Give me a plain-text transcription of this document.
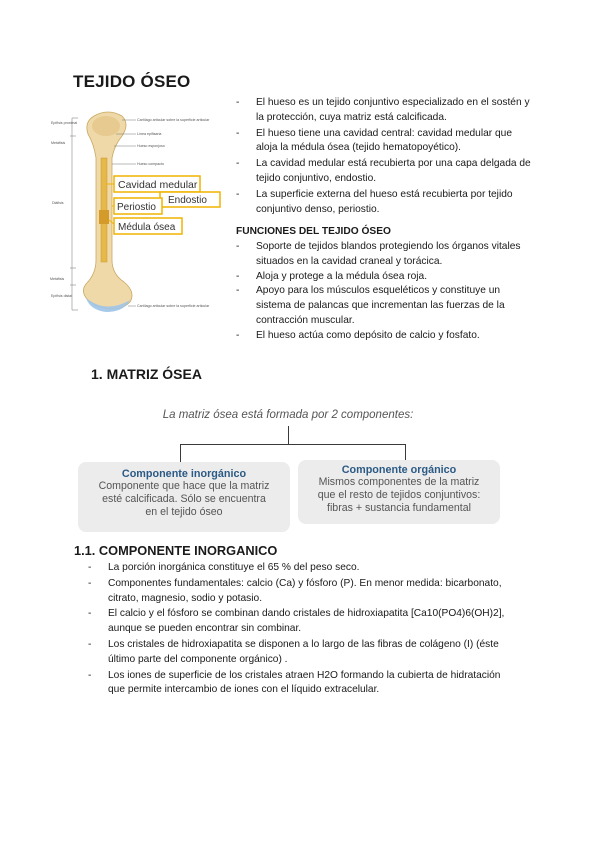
TEJIDO ÓSEO
Epífisis proximal
Metáfisis
Diáfisis
Metáfisis
Epífisis distal
Cartílago articular sobre la superficie articular
Línea epifisaria
Hueso esponjoso
Hueso compacto
Cartílago articular sobre la superficie articular
Cavidad medular
Endostio
Periostio
Médula ósea
- El hueso es un tejido conjuntivo especializado en el sostén y la protección, cuya matriz está calcificada.
- El hueso tiene una cavidad central: cavidad medular que aloja la médula ósea (tejido hematopoyético).
- La cavidad medular está recubierta por una capa delgada de tejido conjuntivo, endostio.
- La superficie externa del hueso está recubierta por tejido conjuntivo denso, periostio.
FUNCIONES DEL TEJIDO ÓSEO
- Soporte de tejidos blandos protegiendo los órganos vitales situados en la cavidad craneal y torácica.
- Aloja y protege a la médula ósea roja.
- Apoyo para los músculos esqueléticos y constituye un sistema de palancas que incrementan las fuerzas de la contracción muscular.
- El hueso actúa como depósito de calcio y fosfato.
1. MATRIZ ÓSEA
La matriz ósea está formada por 2 componentes:
Componente inorgánico
Componente que hace que la matriz
esté calcificada. Sólo se encuentra
en el tejido óseo
Componente orgánico
Mismos componentes de la matriz
que el resto de tejidos conjuntivos:
fibras + sustancia fundamental
1.1. COMPONENTE INORGANICO
- La porción inorgánica constituye el 65 % del peso seco.
- Componentes fundamentales: calcio (Ca) y fósforo (P). En menor medida: bicarbonato, citrato, magnesio, sodio y potasio.
- El calcio y el fósforo se combinan dando cristales de hidroxiapatita [Ca10(PO4)6(OH)2], aunque se pueden encontrar sin combinar.
- Los cristales de hidroxiapatita se disponen a lo largo de las fibras de colágeno (I) (éste último parte del componente orgánico) .
- Los iones de superficie de los cristales atraen H2O formando la cubierta de hidratación que permite intercambio de iones con el líquido extracelular.
